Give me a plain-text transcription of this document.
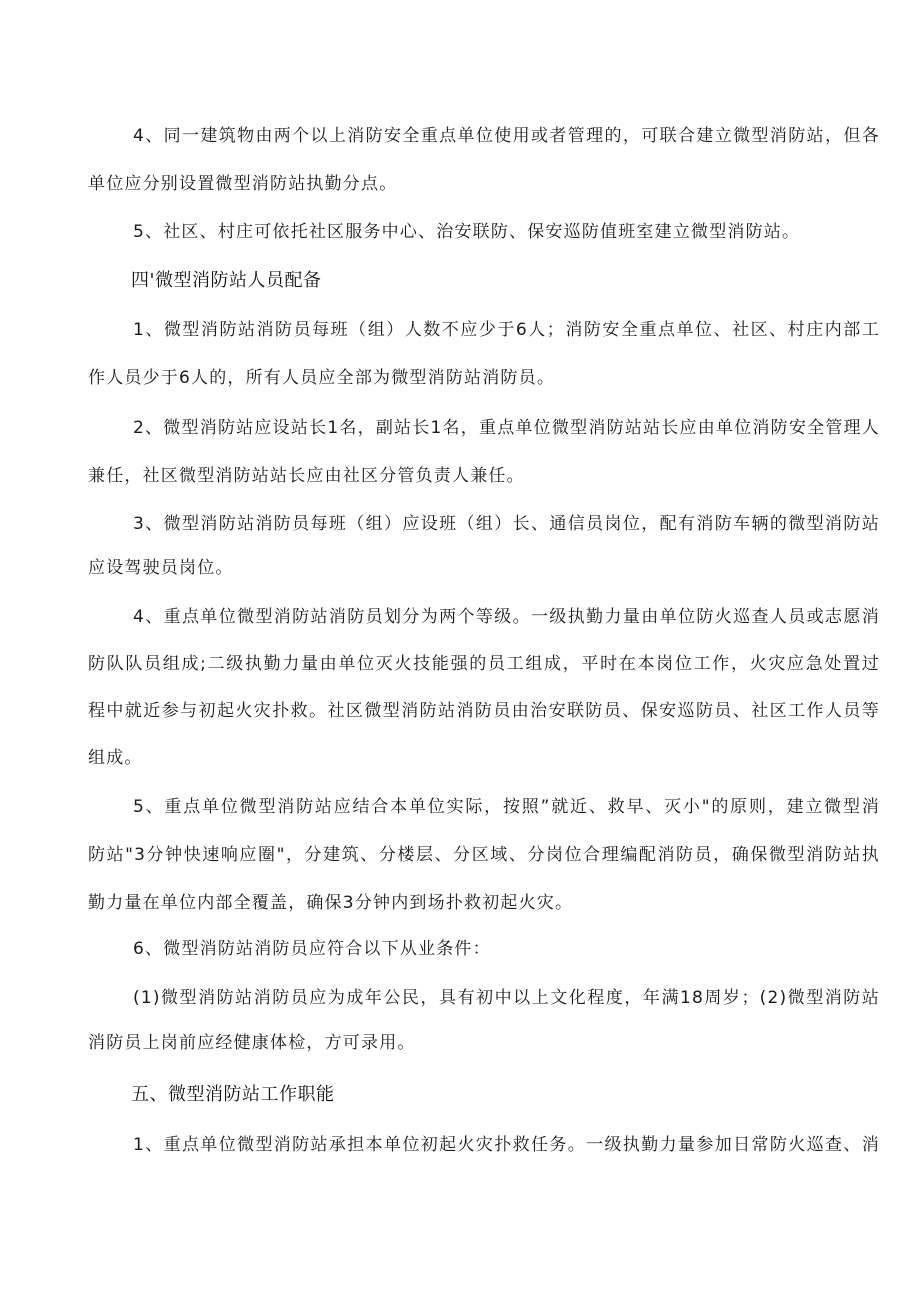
4、同一建筑物由两个以上消防安全重点单位使用或者管理的，可联合建立微型消防站，但各
单位应分别设置微型消防站执勤分点。
5、社区、村庄可依托社区服务中心、治安联防、保安巡防值班室建立微型消防站。
四'微型消防站人员配备
1、微型消防站消防员每班（组）人数不应少于6人；消防安全重点单位、社区、村庄内部工
作人员少于6人的，所有人员应全部为微型消防站消防员。
2、微型消防站应设站长1名，副站长1名，重点单位微型消防站站长应由单位消防安全管理人
兼任，社区微型消防站站长应由社区分管负责人兼任。
3、微型消防站消防员每班（组）应设班（组）长、通信员岗位，配有消防车辆的微型消防站
应设驾驶员岗位。
4、重点单位微型消防站消防员划分为两个等级。一级执勤力量由单位防火巡查人员或志愿消
防队队员组成;二级执勤力量由单位灭火技能强的员工组成，平时在本岗位工作，火灾应急处置过
程中就近参与初起火灾扑救。社区微型消防站消防员由治安联防员、保安巡防员、社区工作人员等
组成。
5、重点单位微型消防站应结合本单位实际，按照”就近、救早、灭小"的原则，建立微型消
防站"3分钟快速响应圈"，分建筑、分楼层、分区域、分岗位合理编配消防员，确保微型消防站执
勤力量在单位内部全覆盖，确保3分钟内到场扑救初起火灾。
6、微型消防站消防员应符合以下从业条件：
(1)微型消防站消防员应为成年公民，具有初中以上文化程度，年满18周岁；(2)微型消防站
消防员上岗前应经健康体检，方可录用。
五、微型消防站工作职能
1、重点单位微型消防站承担本单位初起火灾扑救任务。一级执勤力量参加日常防火巡查、消
